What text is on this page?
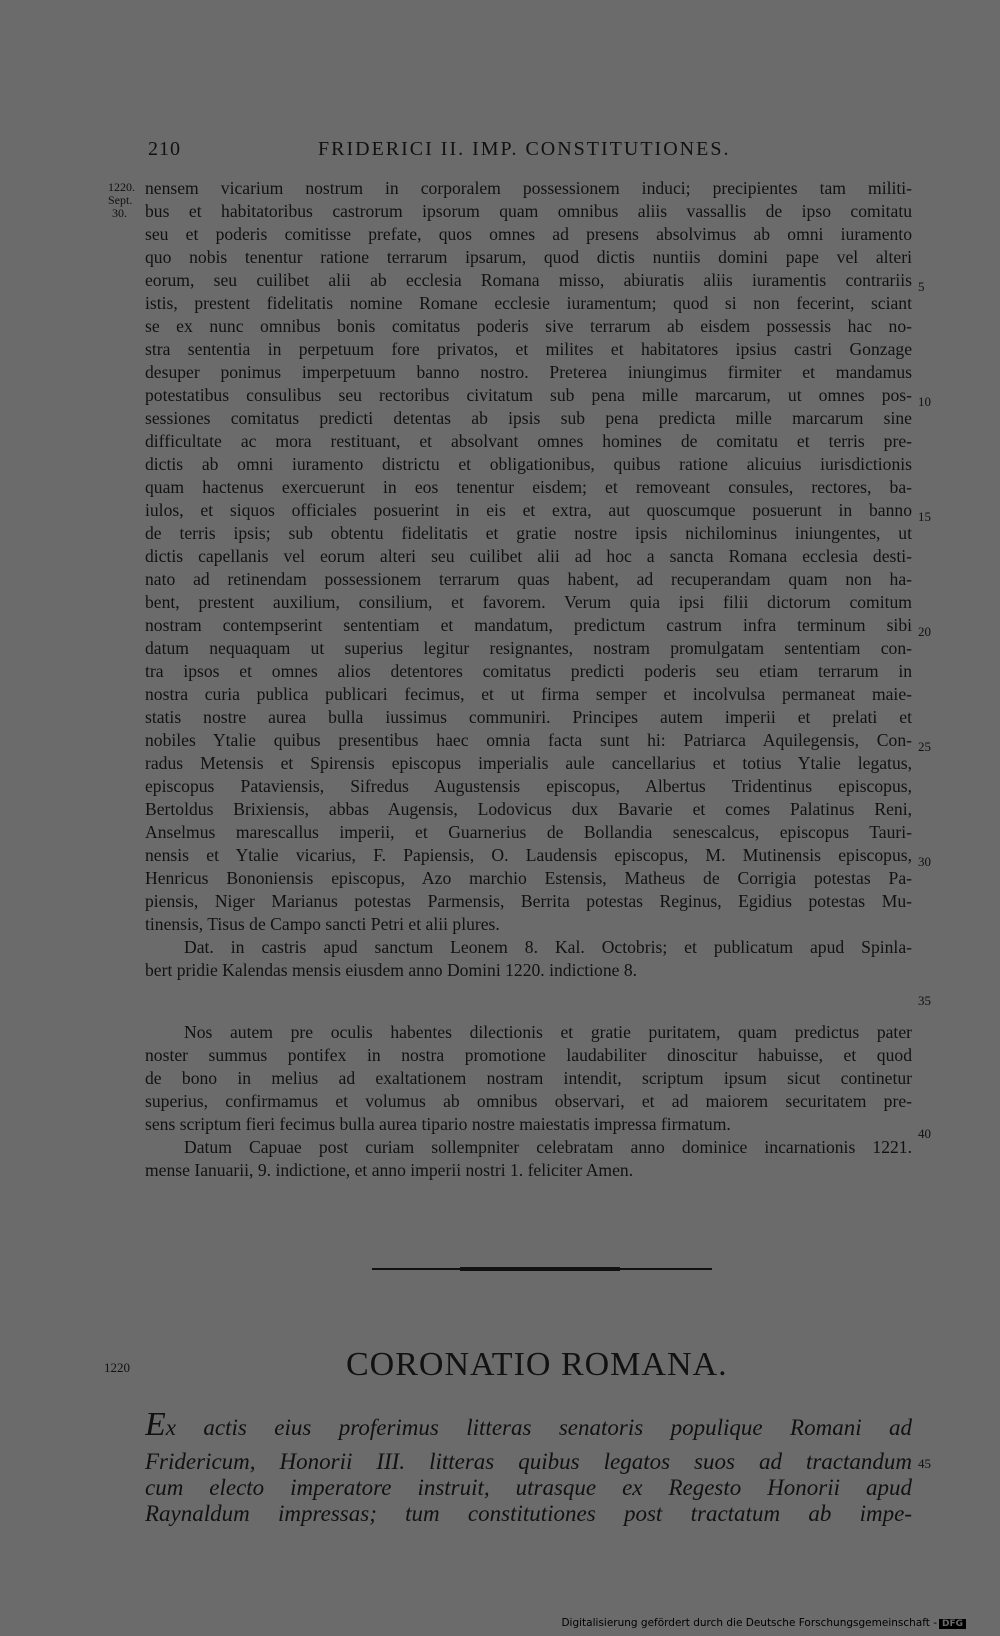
210	FRIDERICI II. IMP. CONSTITUTIONES.
1220.
Sept.
30.
nensem vicarium nostrum in corporalem possessionem induci; precipientes tam militi-
bus et habitatoribus castrorum ipsorum quam omnibus aliis vassallis de ipso comitatu
seu et poderis comitisse prefate, quos omnes ad presens absolvimus ab omni iuramento
quo nobis tenentur ratione terrarum ipsarum, quod dictis nuntiis domini pape vel alteri
eorum, seu cuilibet alii ab ecclesia Romana misso, abiuratis aliis iuramentis contrariis
istis, prestent fidelitatis nomine Romane ecclesie iuramentum; quod si non fecerint, sciant
se ex nunc omnibus bonis comitatus poderis sive terrarum ab eisdem possessis hac no-
stra sententia in perpetuum fore privatos, et milites et habitatores ipsius castri Gonzage
desuper ponimus imperpetuum banno nostro. Preterea iniungimus firmiter et mandamus
potestatibus consulibus seu rectoribus civitatum sub pena mille marcarum, ut omnes pos-
sessiones comitatus predicti detentas ab ipsis sub pena predicta mille marcarum sine
difficultate ac mora restituant, et absolvant omnes homines de comitatu et terris pre-
dictis ab omni iuramento districtu et obligationibus, quibus ratione alicuius iurisdictionis
quam hactenus exercuerunt in eos tenentur eisdem; et removeant consules, rectores, ba-
iulos, et siquos officiales posuerint in eis et extra, aut quoscumque posuerunt in banno
de terris ipsis; sub obtentu fidelitatis et gratie nostre ipsis nichilominus iniungentes, ut
dictis capellanis vel eorum alteri seu cuilibet alii ad hoc a sancta Romana ecclesia desti-
nato ad retinendam possessionem terrarum quas habent, ad recuperandam quam non ha-
bent, prestent auxilium, consilium, et favorem. Verum quia ipsi filii dictorum comitum
nostram contempserint sententiam et mandatum, predictum castrum infra terminum sibi
datum nequaquam ut superius legitur resignantes, nostram promulgatam sententiam con-
tra ipsos et omnes alios detentores comitatus predicti poderis seu etiam terrarum in
nostra curia publica publicari fecimus, et ut firma semper et incolvulsa permaneat maie-
statis nostre aurea bulla iussimus communiri. Principes autem imperii et prelati et
nobiles Ytalie quibus presentibus haec omnia facta sunt hi: Patriarca Aquilegensis, Con-
radus Metensis et Spirensis episcopus imperialis aule cancellarius et totius Ytalie legatus,
episcopus Pataviensis, Sifredus Augustensis episcopus, Albertus Tridentinus episcopus,
Bertoldus Brixiensis, abbas Augensis, Lodovicus dux Bavarie et comes Palatinus Reni,
Anselmus marescallus imperii, et Guarnerius de Bollandia senescalcus, episcopus Tauri-
nensis et Ytalie vicarius, F. Papiensis, O. Laudensis episcopus, M. Mutinensis episcopus,
Henricus Bononiensis episcopus, Azo marchio Estensis, Matheus de Corrigia potestas Pa-
piensis, Niger Marianus potestas Parmensis, Berrita potestas Reginus, Egidius potestas Mu-
tinensis, Tisus de Campo sancti Petri et alii plures.
Dat. in castris apud sanctum Leonem 8. Kal. Octobris; et publicatum apud Spinla-
bert pridie Kalendas mensis eiusdem anno Domini 1220. indictione 8.
Nos autem pre oculis habentes dilectionis et gratie puritatem, quam predictus pater
noster summus pontifex in nostra promotione laudabiliter dinoscitur habuisse, et quod
de bono in melius ad exaltationem nostram intendit, scriptum ipsum sicut continetur
superius, confirmamus et volumus ab omnibus observari, et ad maiorem securitatem pre-
sens scriptum fieri fecimus bulla aurea tipario nostre maiestatis impressa firmatum.
Datum Capuae post curiam sollempniter celebratam anno dominice incarnationis 1221.
mense Ianuarii, 9. indictione, et anno imperii nostri 1. feliciter Amen.
5
10
15
20
25
30
35
40
45
1220	CORONATIO ROMANA.
Ex actis eius proferimus litteras senatoris populique Romani ad
Fridericum, Honorii III. litteras quibus legatos suos ad tractandum
cum electo imperatore instruit, utrasque ex Regesto Honorii apud
Raynaldum impressas; tum constitutiones post tractatum ab impe-
Digitalisierung gefördert durch die Deutsche Forschungsgemeinschaft - DFG
